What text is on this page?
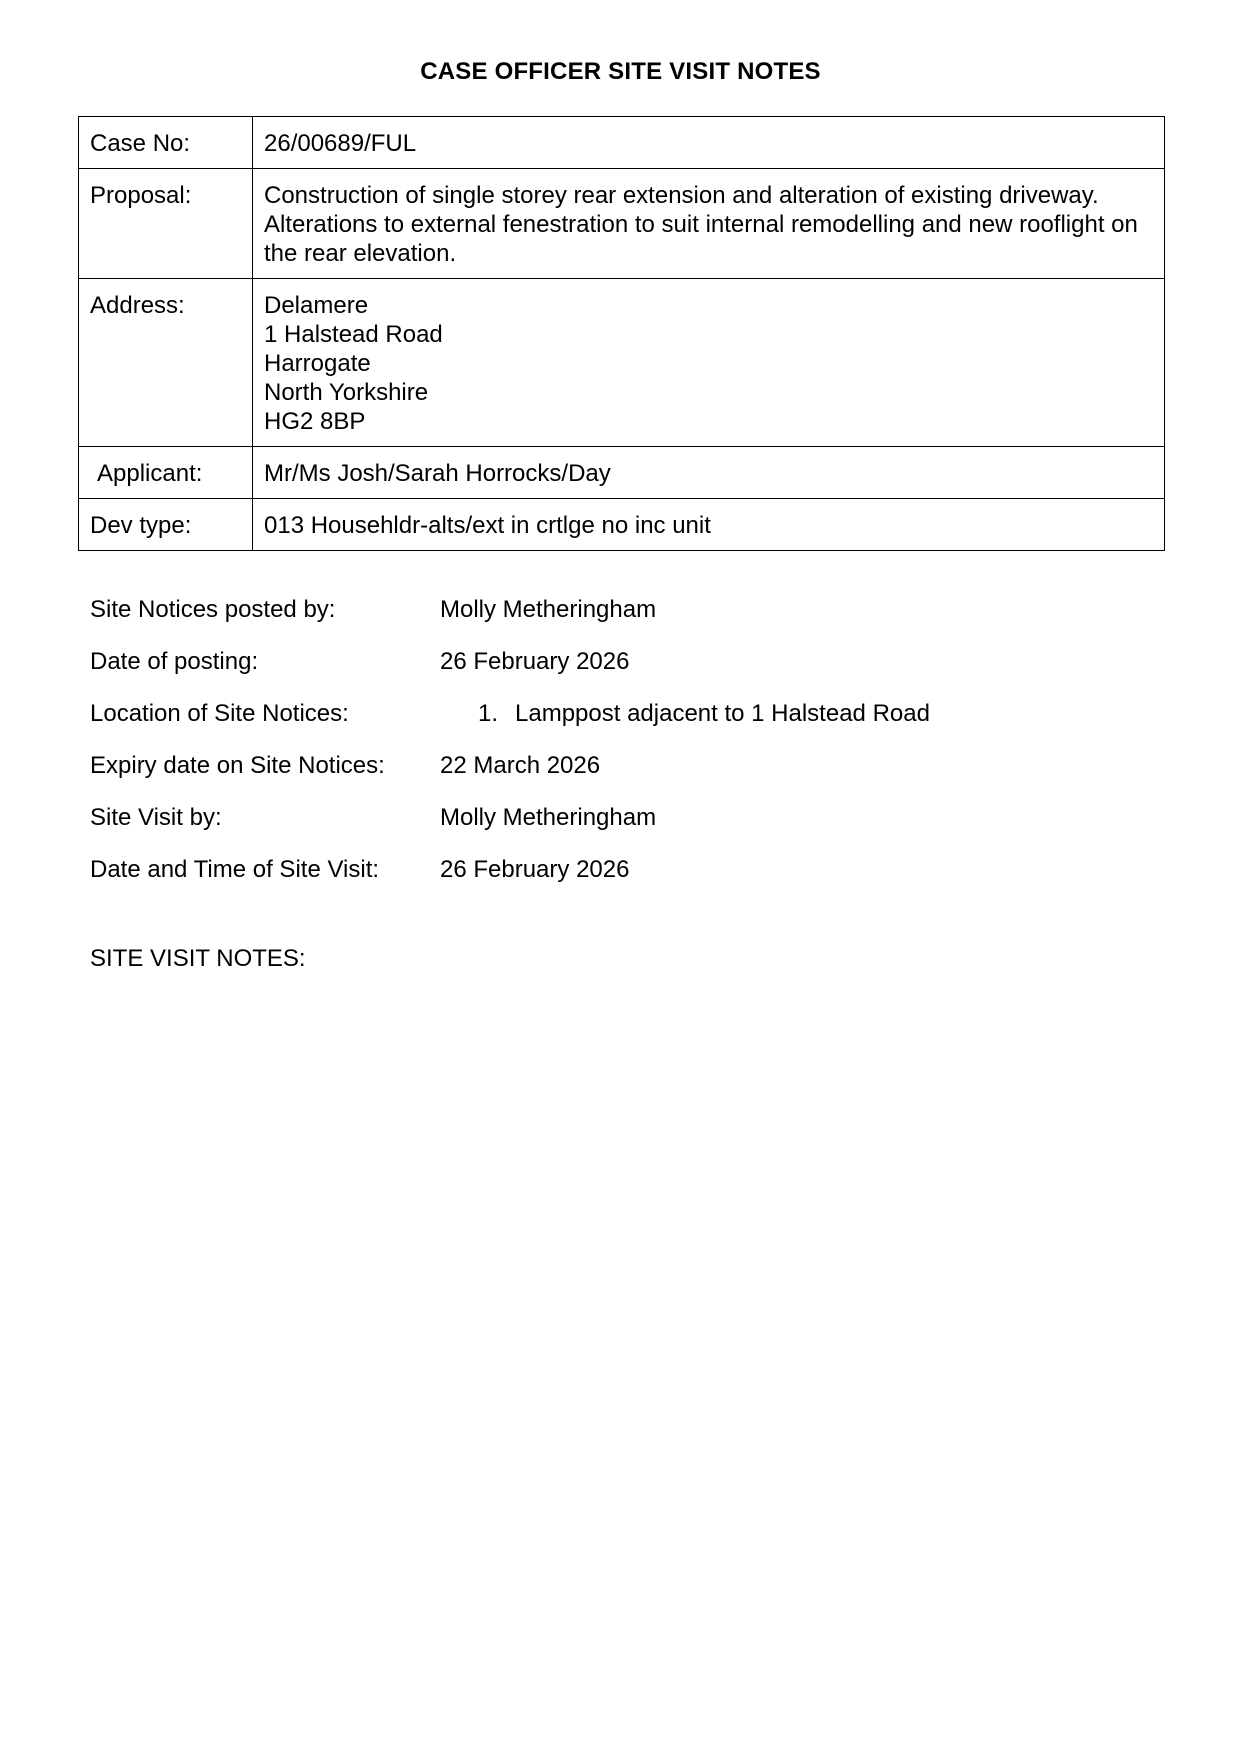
CASE OFFICER SITE VISIT NOTES
Case No:	26/00689/FUL
Proposal:	Construction of single storey rear extension and alteration of existing driveway. Alterations to external fenestration to suit internal remodelling and new rooflight on the rear elevation.
Address:	Delamere
1 Halstead Road
Harrogate
North Yorkshire
HG2 8BP
Applicant:	Mr/Ms Josh/Sarah Horrocks/Day
Dev type:	013 Househldr-alts/ext in crtlge no inc unit
Site Notices posted by:	Molly Metheringham
Date of posting:	26 February 2026
Location of Site Notices:	1. Lamppost adjacent to 1 Halstead Road
Expiry date on Site Notices:	22 March 2026
Site Visit by:	Molly Metheringham
Date and Time of Site Visit:	26 February 2026
SITE VISIT NOTES:
